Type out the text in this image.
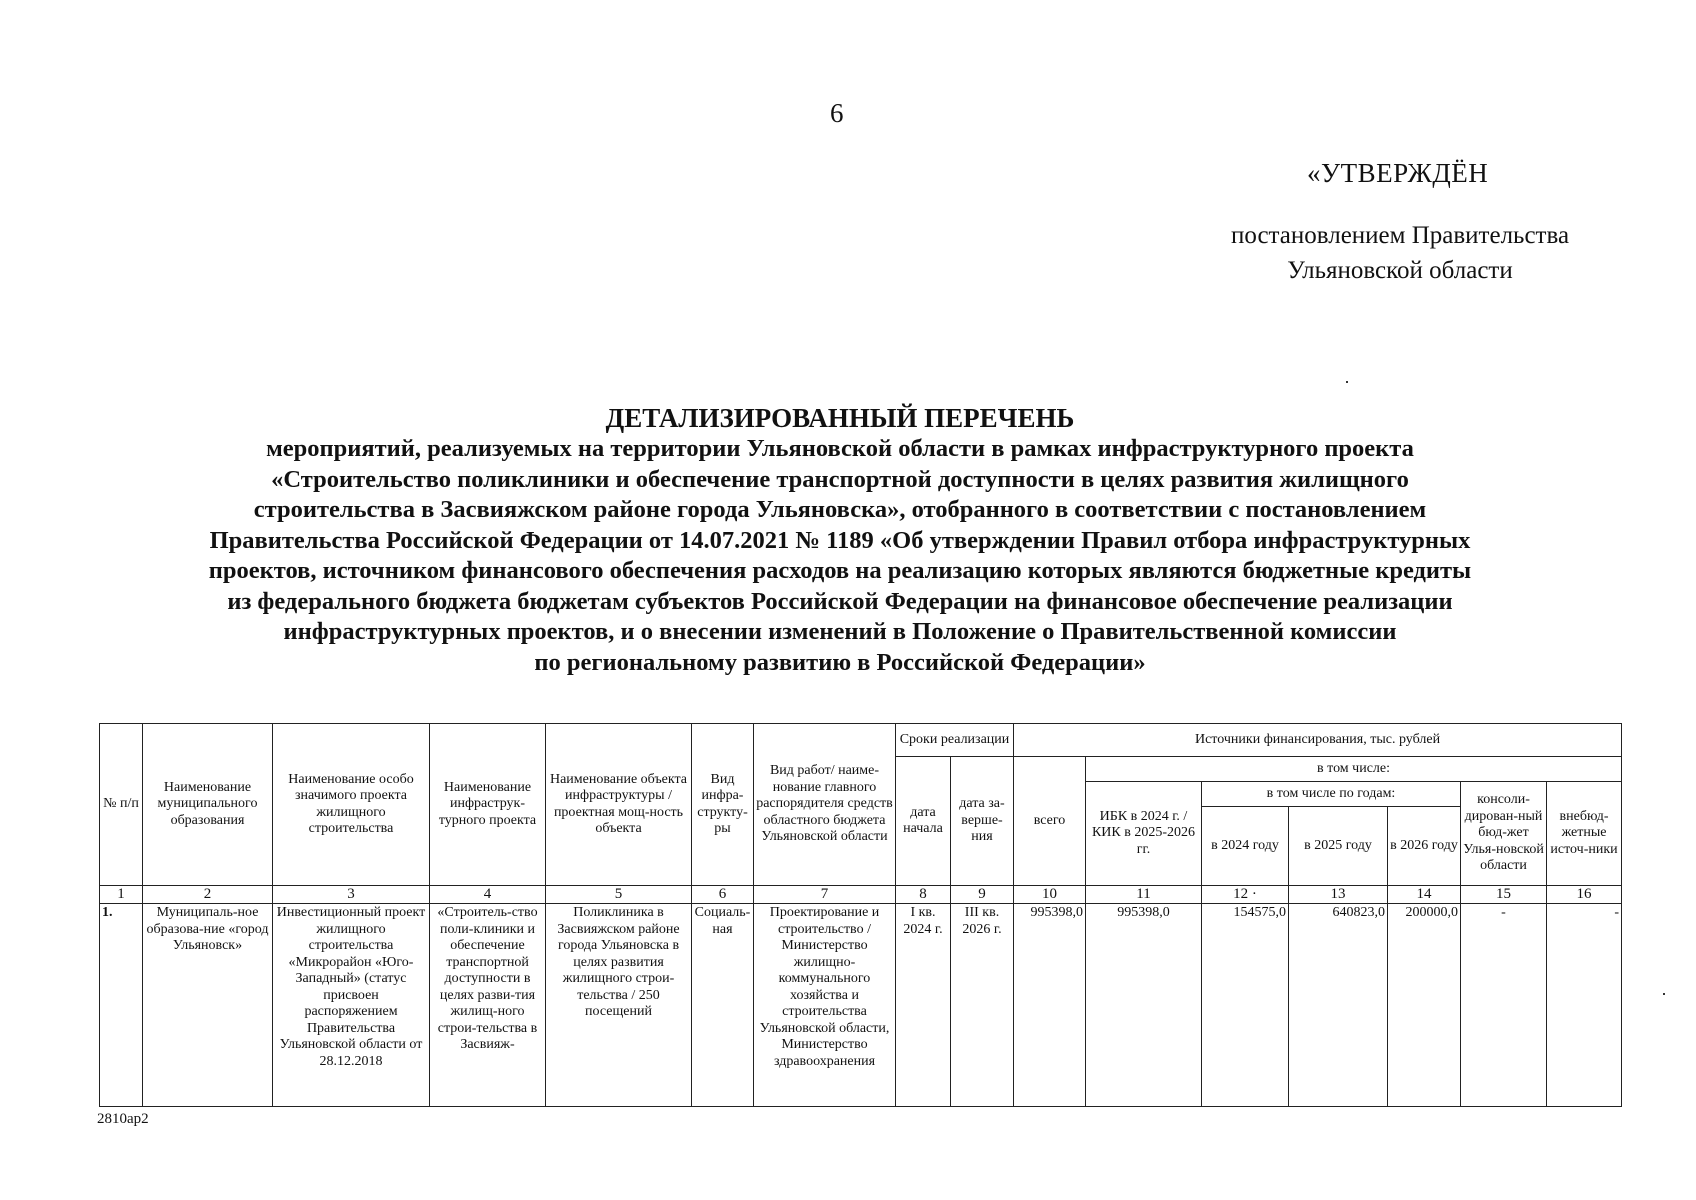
6
«УТВЕРЖДЁН
постановлением Правительства
Ульяновской области
ДЕТАЛИЗИРОВАННЫЙ ПЕРЕЧЕНЬ
мероприятий, реализуемых на территории Ульяновской области в рамках инфраструктурного проекта
«Строительство поликлиники и обеспечение транспортной доступности в целях развития жилищного
строительства в Засвияжском районе города Ульяновска», отобранного в соответствии с постановлением
Правительства Российской Федерации от 14.07.2021 № 1189 «Об утверждении Правил отбора инфраструктурных
проектов, источником финансового обеспечения расходов на реализацию которых являются бюджетные кредиты
из федерального бюджета бюджетам субъектов Российской Федерации на финансовое обеспечение реализации
инфраструктурных проектов, и о внесении изменений в Положение о Правительственной комиссии
по региональному развитию в Российской Федерации»
№ п/п	Наименование муниципального образования	Наименование особо значимого проекта жилищного строительства	Наименование инфраструк-турного проекта	Наименование объекта инфраструктуры / проектная мощ-ность объекта	Вид инфра-структу-ры	Вид работ/ наиме-нование главного распорядителя средств областного бюджета Ульяновской области	Сроки реализации		Источники финансирования, тыс. рублей						
							дата начала	дата за-верше-ния	всего	в том числе:					
										ИБК в 2024 г. / КИК в 2025-2026 гг.	в том числе по годам:			консоли-дирован-ный бюд-жет Улья-новской области	внебюд-жетные источ-ники
											в 2024 году	в 2025 году	в 2026 году		
1	2	3	4	5	6	7	8	9	10	11	12 ·	13	14	15	16
1.	Муниципаль-ное образова-ние «город Ульяновск»	Инвестиционный проект жилищного строительства «Микрорайон «Юго-Западный» (статус присвоен распоряжением Правительства Ульяновской области от 28.12.2018	«Строитель-ство поли-клиники и обеспечение транспортной доступности в целях разви-тия жилищ-ного строи-тельства в Засвияж-	Поликлиника в Засвияжском районе города Ульяновска в целях развития жилищного строи-тельства / 250 посещений	Социаль-ная	Проектирование и строительство / Министерство жилищно-коммунального хозяйства и строительства Ульяновской области, Министерство здравоохранения	I кв. 2024 г.	III кв. 2026 г.	995398,0	995398,0	154575,0	640823,0	200000,0	-	-
2810ap2
